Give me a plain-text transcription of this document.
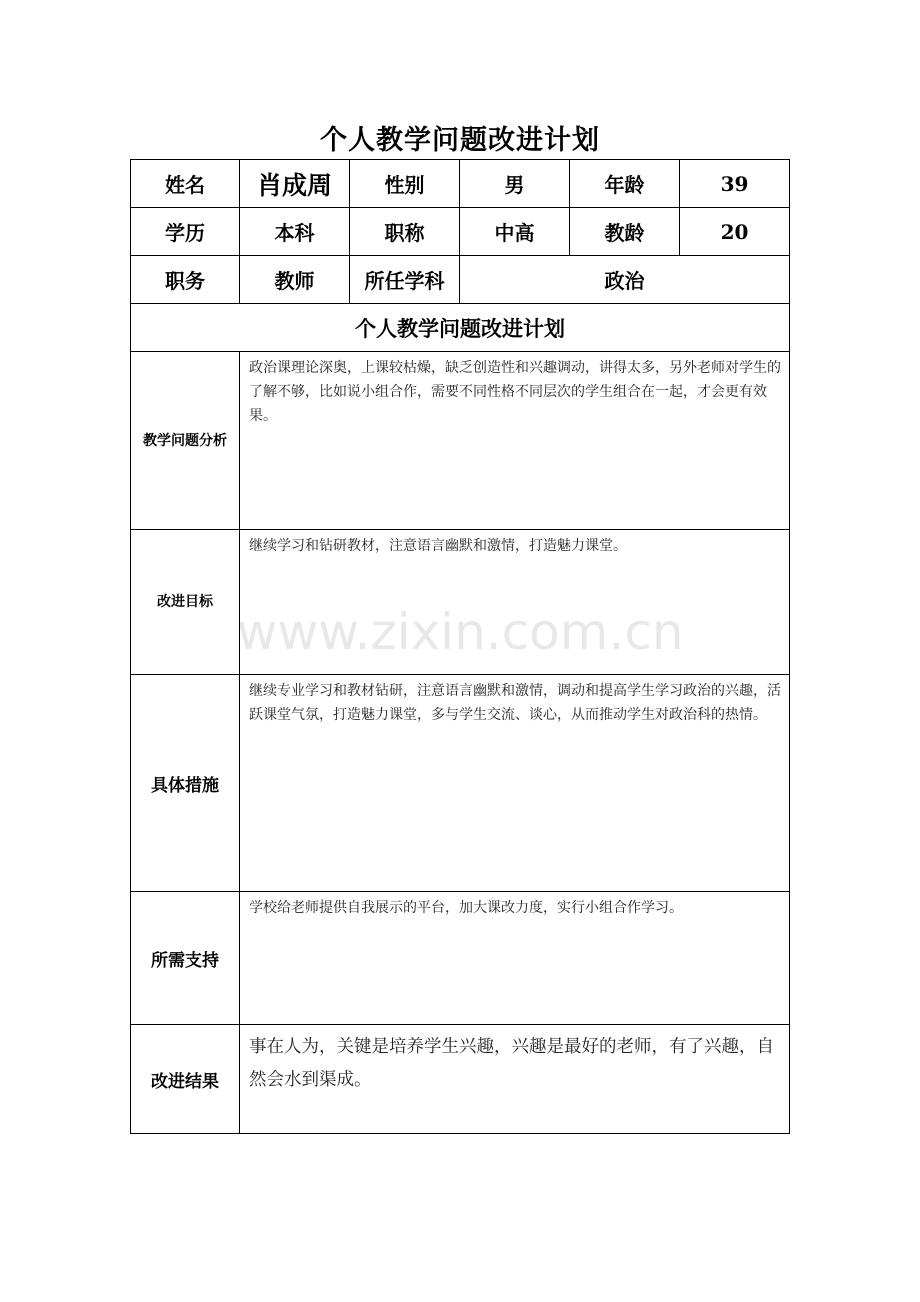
个人教学问题改进计划
姓名	肖成周	性别	男	年龄	39
学历	本科	职称	中高	教龄	20
职务	教师	所任学科	政治		
个人教学问题改进计划					

教学问题分析	政治课理论深奥，上课较枯燥，缺乏创造性和兴趣调动，讲得太多，另外老师对学生的了解不够，比如说小组合作，需要不同性格不同层次的学生组合在一起，才会更有效果。				
改进目标	继续学习和钻研教材，注意语言幽默和激情，打造魅力课堂。				
具体措施	继续专业学习和教材钻研，注意语言幽默和激情，调动和提高学生学习政治的兴趣，活跃课堂气氛，打造魅力课堂，多与学生交流、谈心，从而推动学生对政治科的热情。				
所需支持	学校给老师提供自我展示的平台，加大课改力度，实行小组合作学习。				
改进结果	事在人为，关键是培养学生兴趣，兴趣是最好的老师，有了兴趣，自然会水到渠成。				
www.zixin.com.cn
